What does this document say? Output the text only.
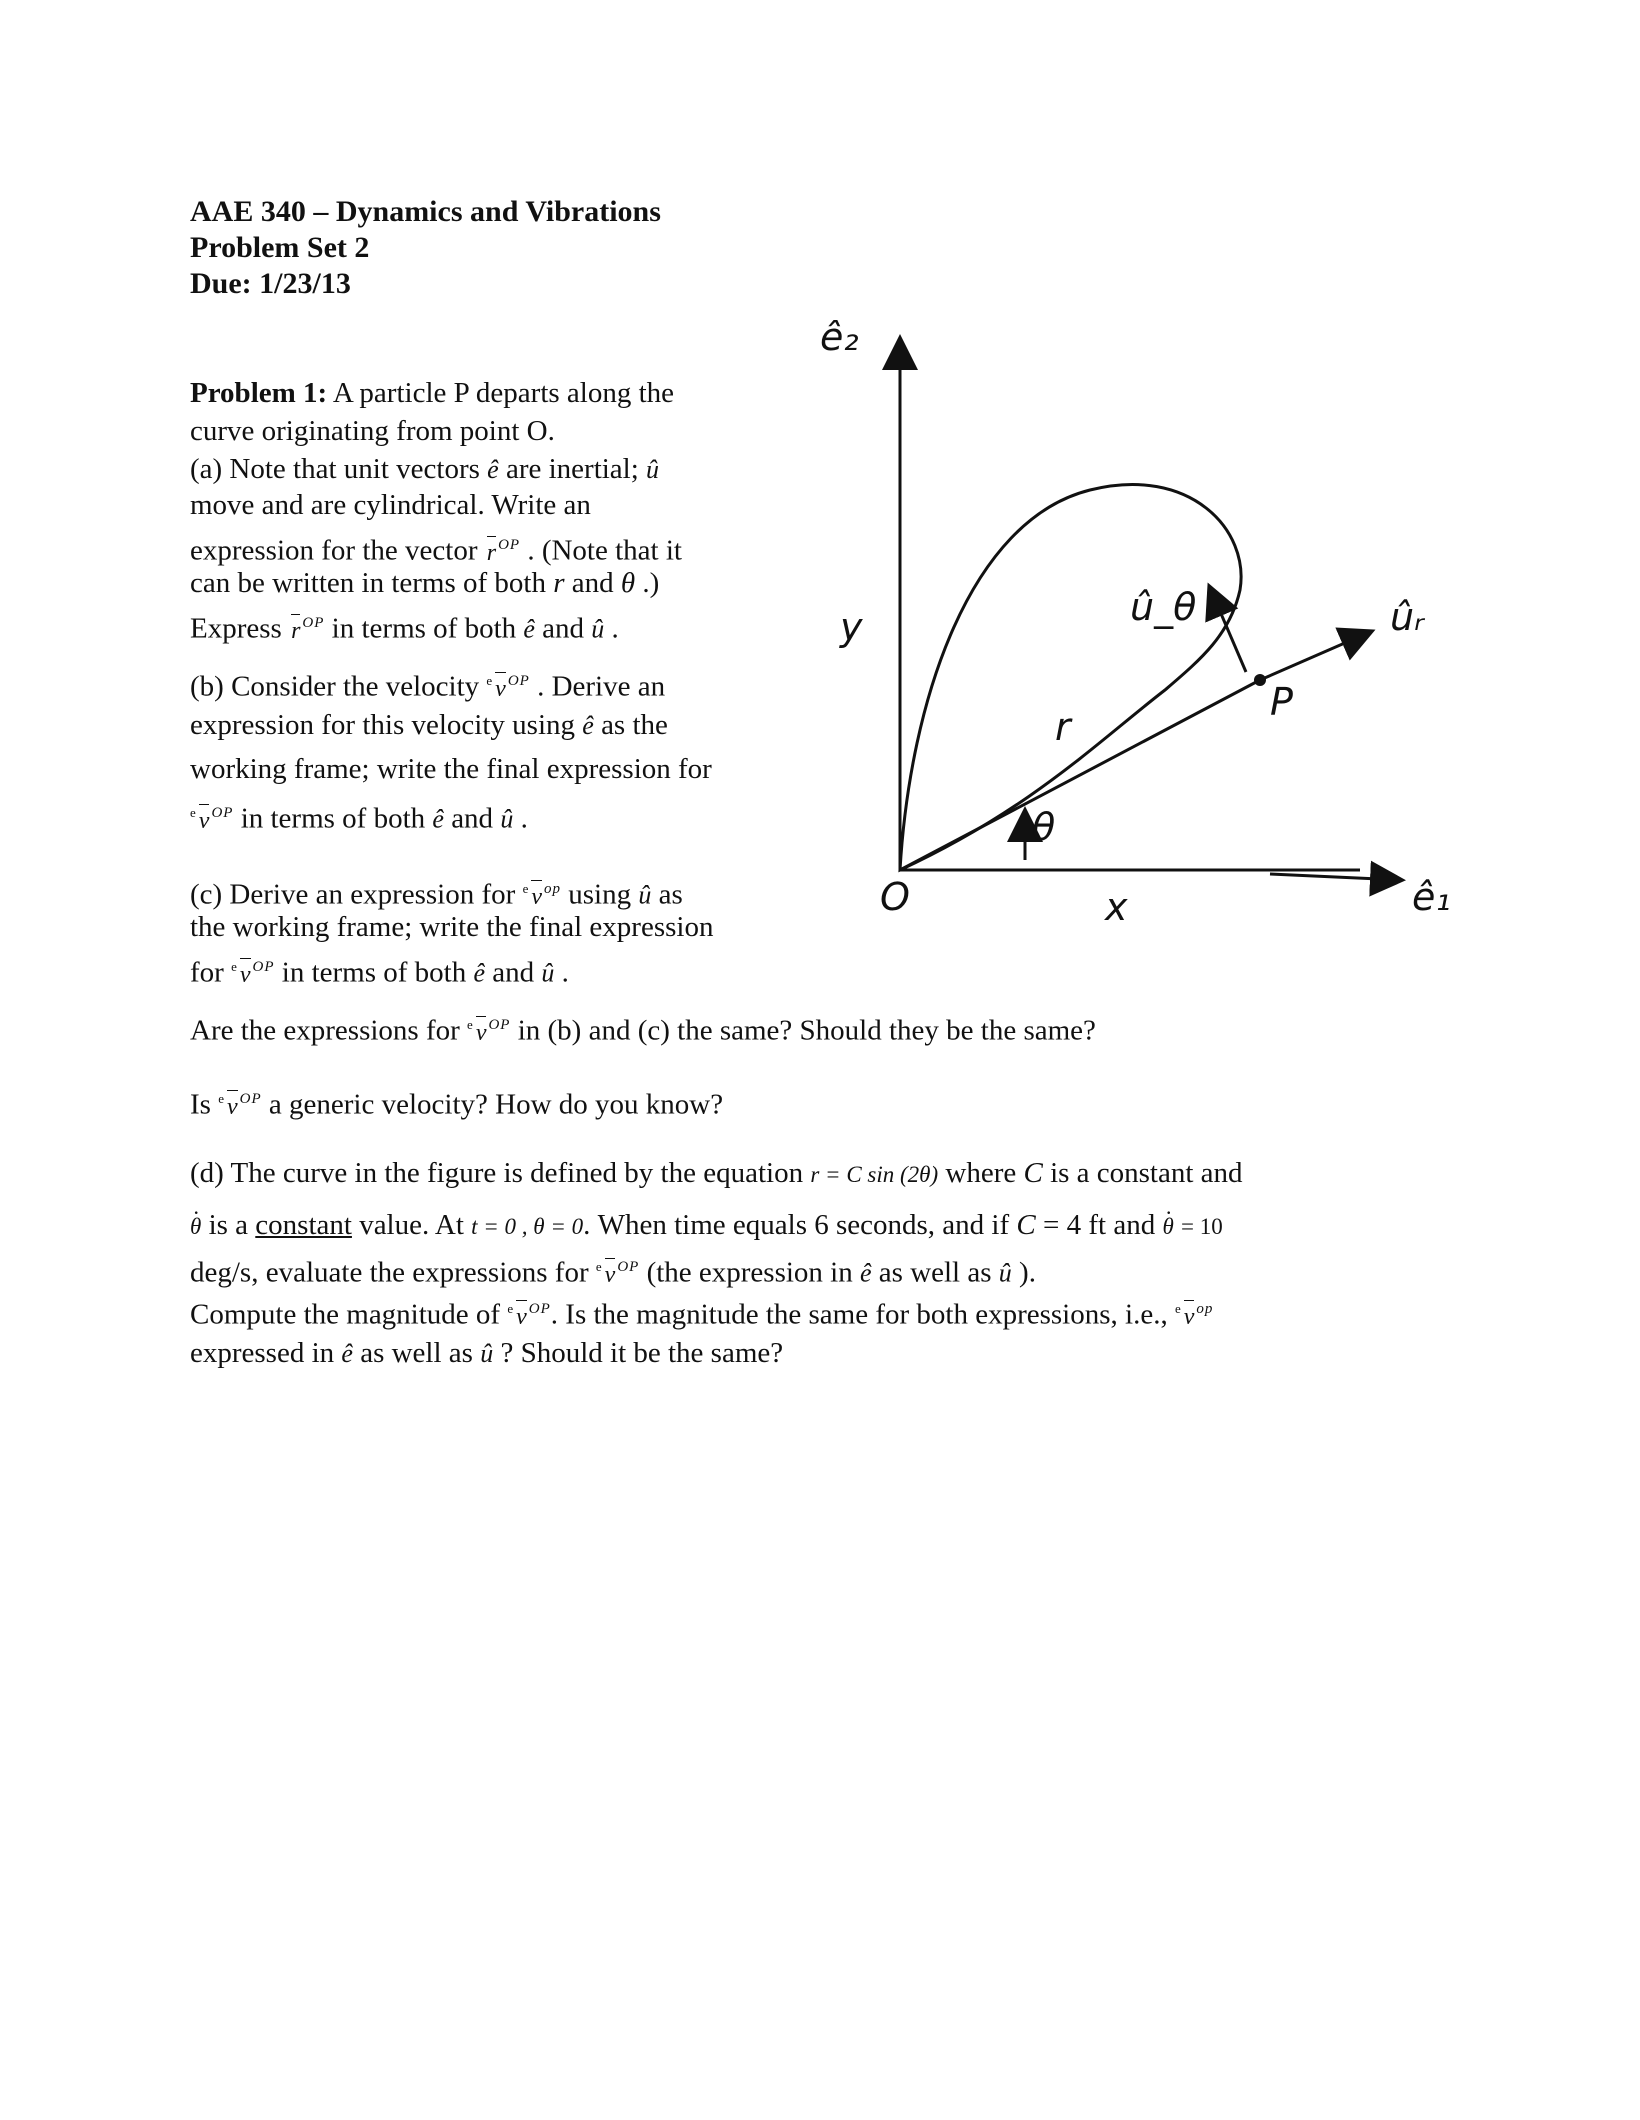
AAE 340 – Dynamics and Vibrations
Problem Set 2
Due: 1/23/13
Problem 1: A particle P departs along the
curve originating from point O.
(a) Note that unit vectors ê are inertial; û
move and are cylindrical. Write an
expression for the vector r $^{OP}$ . (Note that it
can be written in terms of both r and θ .)
Express r $^{OP}$ in terms of both ê and û .
(b) Consider the velocity $^e$ v $^{OP}$ . Derive an
expression for this velocity using ê as the
working frame; write the final expression for
$^e$ v $^{OP}$ in terms of both ê and û .
(c) Derive an expression for $^e$ v $^{op}$ using û as
the working frame; write the final expression
for $^e$ v $^{OP}$ in terms of both ê and û .
Are the expressions for $^e$ v $^{OP}$ in (b) and (c) the same? Should they be the same?
Is $^e$ v $^{OP}$ a generic velocity? How do you know?
(d) The curve in the figure is defined by the equation r = C sin (2θ) where C is a constant and
θ . is a constant value. At t = 0 , θ = 0. When time equals 6 seconds, and if C = 4 ft and θ . = 10
deg/s, evaluate the expressions for $^e$ v $^{OP}$ (the expression in ê as well as û ).
Compute the magnitude of $^e$ v $^{OP}$. Is the magnitude the same for both expressions, i.e., $^e$ v $^{op}$
expressed in ê as well as û ? Should it be the same?
ê₂
y	û_θ	ûᵣ
r
P
θ
O	x	ê₁
